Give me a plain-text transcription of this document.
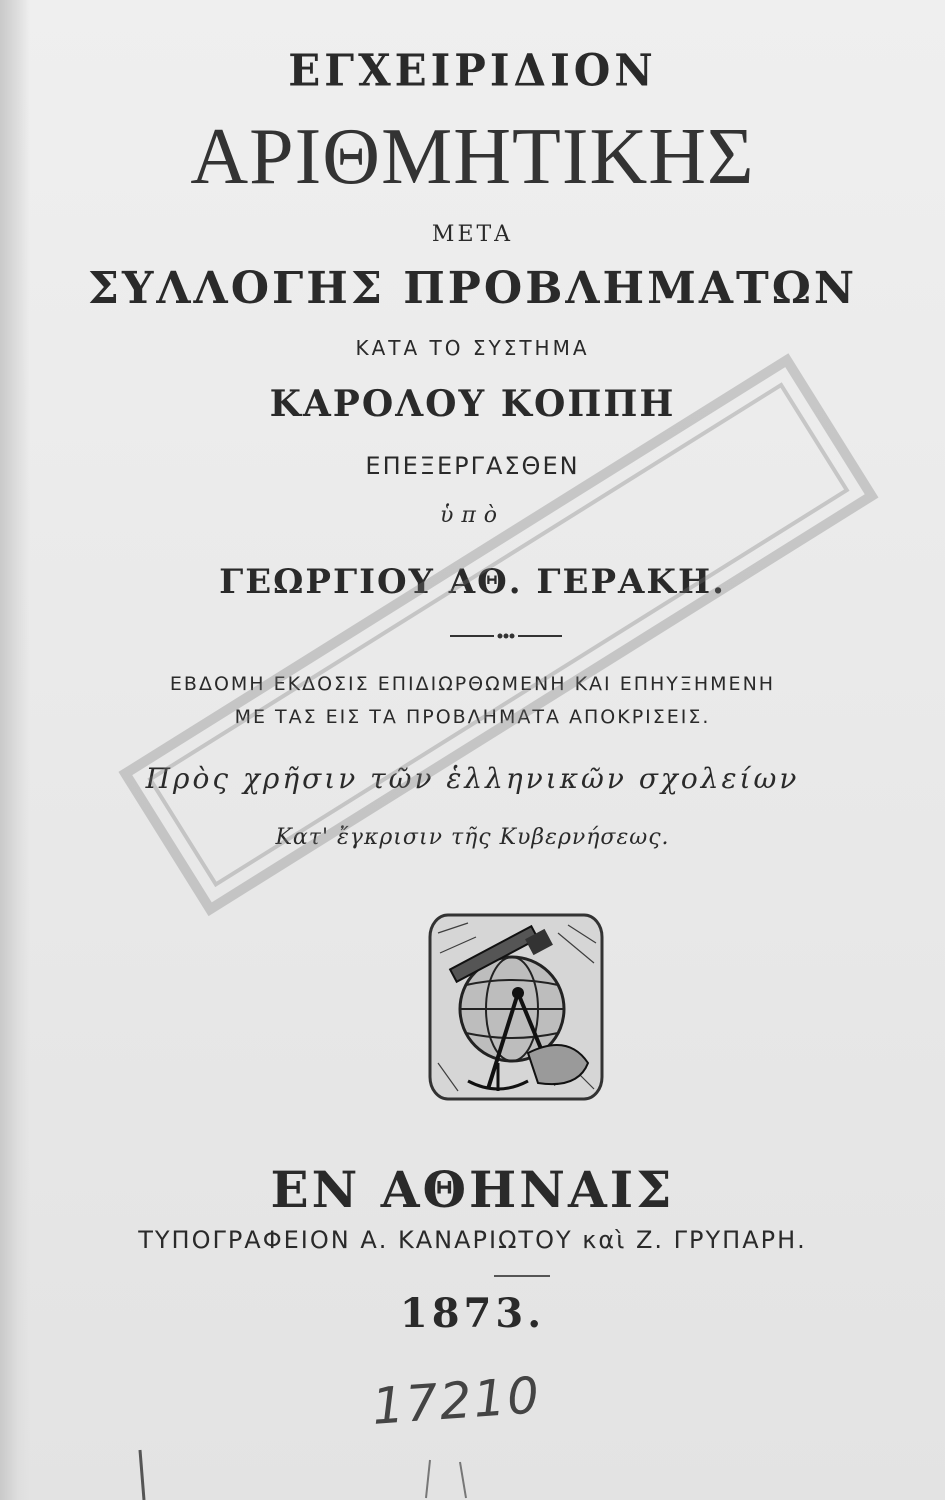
ΕΓΧΕΙΡΙΔΙΟΝ
ΑΡΙΘΜΗΤΙΚΗΣ
ΜΕΤΑ
ΣΥΛΛΟΓΗΣ ΠΡΟΒΛΗΜΑΤΩΝ
ΚΑΤΑ ΤΟ ΣΥΣΤΗΜΑ
ΚΑΡΟΛΟΥ ΚΟΠΠΗ
ΕΠΕΞΕΡΓΑΣΘΕΝ
ὑπὸ
ΓΕΩΡΓΙΟΥ ΑΘ. ΓΕΡΑΚΗ.
ΕΒΔΟΜΗ ΕΚΔΟΣΙΣ ΕΠΙΔΙΩΡΘΩΜΕΝΗ ΚΑΙ ΕΠΗΥΞΗΜΕΝΗ
ΜΕ ΤΑΣ ΕΙΣ ΤΑ ΠΡΟΒΛΗΜΑΤΑ ΑΠΟΚΡΙΣΕΙΣ.
Πρὸς χρῆσιν τῶν ἑλληνικῶν σχολείων
Κατ' ἔγκρισιν τῆς Κυβερνήσεως.
ΕΝ ΑΘΗΝΑΙΣ
ΤΥΠΟΓΡΑΦΕΙΟΝ Α. ΚΑΝΑΡΙΩΤΟΥ καὶ Ζ. ΓΡΥΠΑΡΗ.
1873.
17210
